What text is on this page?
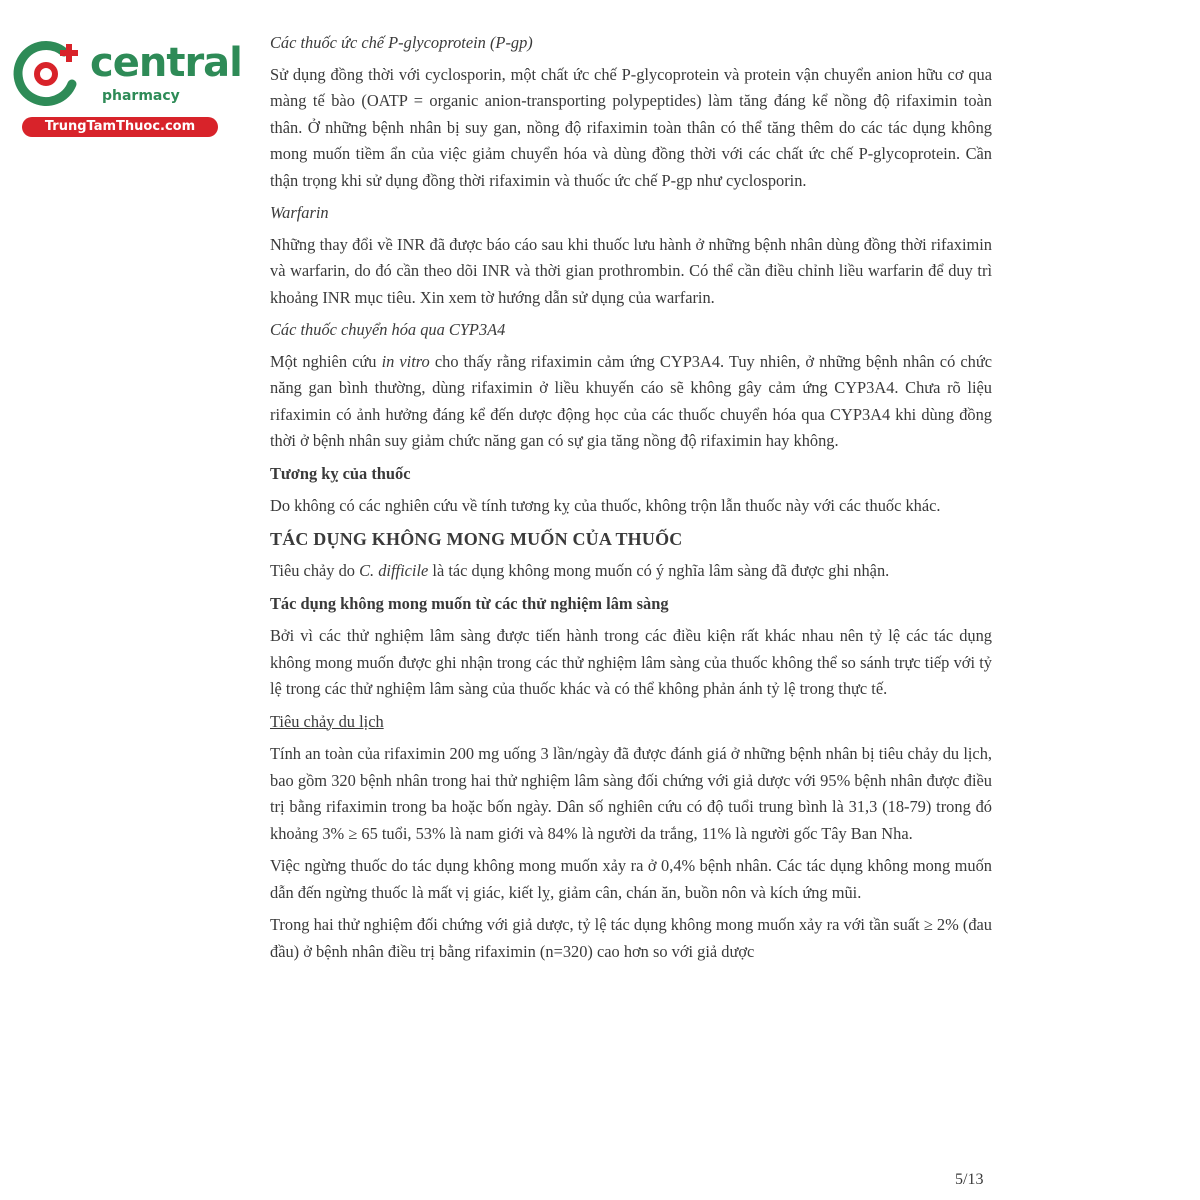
central
pharmacy
TrungTamThuoc.com

Các thuốc ức chế P-glycoprotein (P-gp)

Sử dụng đồng thời với cyclosporin, một chất ức chế P-glycoprotein và protein vận chuyển anion hữu cơ qua màng tế bào (OATP = organic anion-transporting polypeptides) làm tăng đáng kể nồng độ rifaximin toàn thân. Ở những bệnh nhân bị suy gan, nồng độ rifaximin toàn thân có thể tăng thêm do các tác dụng không mong muốn tiềm ẩn của việc giảm chuyển hóa và dùng đồng thời với các chất ức chế P-glycoprotein. Cần thận trọng khi sử dụng đồng thời rifaximin và thuốc ức chế P-gp như cyclosporin.

Warfarin

Những thay đổi về INR đã được báo cáo sau khi thuốc lưu hành ở những bệnh nhân dùng đồng thời rifaximin và warfarin, do đó cần theo dõi INR và thời gian prothrombin. Có thể cần điều chỉnh liều warfarin để duy trì khoảng INR mục tiêu. Xin xem tờ hướng dẫn sử dụng của warfarin.

Các thuốc chuyển hóa qua CYP3A4

Một nghiên cứu in vitro cho thấy rằng rifaximin cảm ứng CYP3A4. Tuy nhiên, ở những bệnh nhân có chức năng gan bình thường, dùng rifaximin ở liều khuyến cáo sẽ không gây cảm ứng CYP3A4. Chưa rõ liệu rifaximin có ảnh hưởng đáng kể đến dược động học của các thuốc chuyển hóa qua CYP3A4 khi dùng đồng thời ở bệnh nhân suy giảm chức năng gan có sự gia tăng nồng độ rifaximin hay không.

Tương kỵ của thuốc

Do không có các nghiên cứu về tính tương kỵ của thuốc, không trộn lẫn thuốc này với các thuốc khác.

TÁC DỤNG KHÔNG MONG MUỐN CỦA THUỐC

Tiêu chảy do C. difficile là tác dụng không mong muốn có ý nghĩa lâm sàng đã được ghi nhận.

Tác dụng không mong muốn từ các thử nghiệm lâm sàng

Bởi vì các thử nghiệm lâm sàng được tiến hành trong các điều kiện rất khác nhau nên tỷ lệ các tác dụng không mong muốn được ghi nhận trong các thử nghiệm lâm sàng của thuốc không thể so sánh trực tiếp với tỷ lệ trong các thử nghiệm lâm sàng của thuốc khác và có thể không phản ánh tỷ lệ trong thực tế.

Tiêu chảy du lịch

Tính an toàn của rifaximin 200 mg uống 3 lần/ngày đã được đánh giá ở những bệnh nhân bị tiêu chảy du lịch, bao gồm 320 bệnh nhân trong hai thử nghiệm lâm sàng đối chứng với giả dược với 95% bệnh nhân được điều trị bằng rifaximin trong ba hoặc bốn ngày. Dân số nghiên cứu có độ tuổi trung bình là 31,3 (18-79) trong đó khoảng 3% ≥ 65 tuổi, 53% là nam giới và 84% là người da trắng, 11% là người gốc Tây Ban Nha.

Việc ngừng thuốc do tác dụng không mong muốn xảy ra ở 0,4% bệnh nhân. Các tác dụng không mong muốn dẫn đến ngừng thuốc là mất vị giác, kiết lỵ, giảm cân, chán ăn, buồn nôn và kích ứng mũi.

Trong hai thử nghiệm đối chứng với giả dược, tỷ lệ tác dụng không mong muốn xảy ra với tần suất ≥ 2% (đau đầu) ở bệnh nhân điều trị bằng rifaximin (n=320) cao hơn so với giả dược

5/13
